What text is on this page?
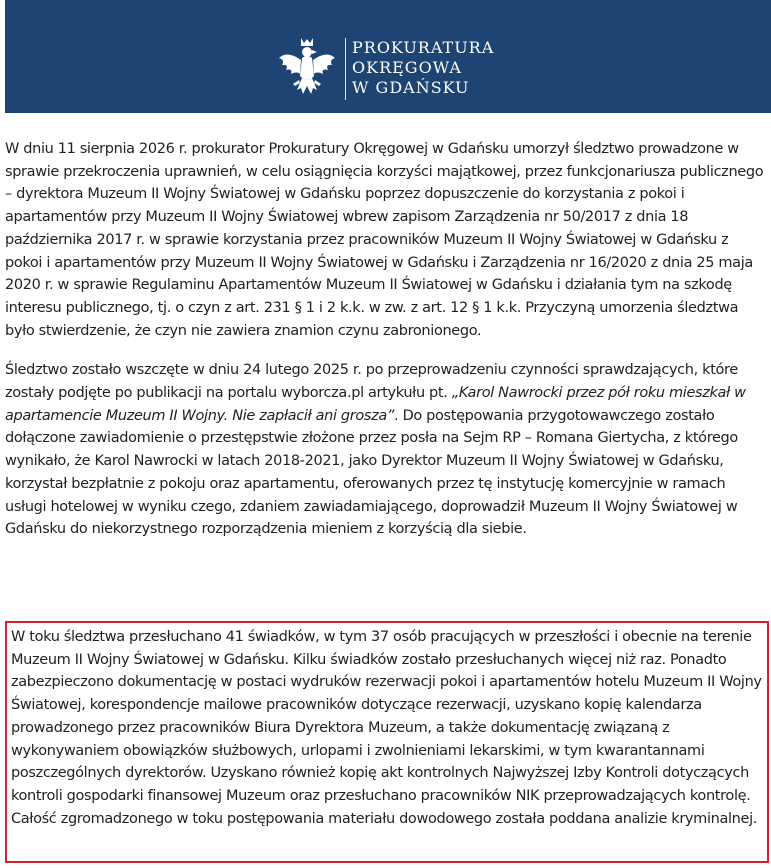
PROKURATURA
OKRĘGOWA
W GDAŃSKU

W dniu 11 sierpnia 2026 r. prokurator Prokuratury Okręgowej w Gdańsku umorzył śledztwo prowadzone w sprawie przekroczenia uprawnień, w celu osiągnięcia korzyści majątkowej, przez funkcjonariusza publicznego – dyrektora Muzeum II Wojny Światowej w Gdańsku poprzez dopuszczenie do korzystania z pokoi i apartamentów przy Muzeum II Wojny Światowej wbrew zapisom Zarządzenia nr 50/2017 z dnia 18 października 2017 r. w sprawie korzystania przez pracowników Muzeum II Wojny Światowej w Gdańsku z pokoi i apartamentów przy Muzeum II Wojny Światowej w Gdańsku i Zarządzenia nr 16/2020 z dnia 25 maja 2020 r. w sprawie Regulaminu Apartamentów Muzeum II Światowej w Gdańsku i działania tym na szkodę interesu publicznego, tj. o czyn z art. 231 § 1 i 2 k.k. w zw. z art. 12 § 1 k.k. Przyczyną umorzenia śledztwa było stwierdzenie, że czyn nie zawiera znamion czynu zabronionego.

Śledztwo zostało wszczęte w dniu 24 lutego 2025 r. po przeprowadzeniu czynności sprawdzających, które zostały podjęte po publikacji na portalu wyborcza.pl artykułu pt. „Karol Nawrocki przez pół roku mieszkał w apartamencie Muzeum II Wojny. Nie zapłacił ani grosza”. Do postępowania przygotowawczego zostało dołączone zawiadomienie o przestępstwie złożone przez posła na Sejm RP – Romana Giertycha, z którego wynikało, że Karol Nawrocki w latach 2018-2021, jako Dyrektor Muzeum II Wojny Światowej w Gdańsku, korzystał bezpłatnie z pokoju oraz apartamentu, oferowanych przez tę instytucję komercyjnie w ramach usługi hotelowej w wyniku czego, zdaniem zawiadamiającego, doprowadził Muzeum II Wojny Światowej w Gdańsku do niekorzystnego rozporządzenia mieniem z korzyścią dla siebie.

W toku śledztwa przesłuchano 41 świadków, w tym 37 osób pracujących w przeszłości i obecnie na terenie Muzeum II Wojny Światowej w Gdańsku. Kilku świadków zostało przesłuchanych więcej niż raz. Ponadto zabezpieczono dokumentację w postaci wydruków rezerwacji pokoi i apartamentów hotelu Muzeum II Wojny Światowej, korespondencje mailowe pracowników dotyczące rezerwacji, uzyskano kopię kalendarza prowadzonego przez pracowników Biura Dyrektora Muzeum, a także dokumentację związaną z wykonywaniem obowiązków służbowych, urlopami i zwolnieniami lekarskimi, w tym kwarantannami poszczególnych dyrektorów. Uzyskano również kopię akt kontrolnych Najwyższej Izby Kontroli dotyczących kontroli gospodarki finansowej Muzeum oraz przesłuchano pracowników NIK przeprowadzających kontrolę. Całość zgromadzonego w toku postępowania materiału dowodowego została poddana analizie kryminalnej.
